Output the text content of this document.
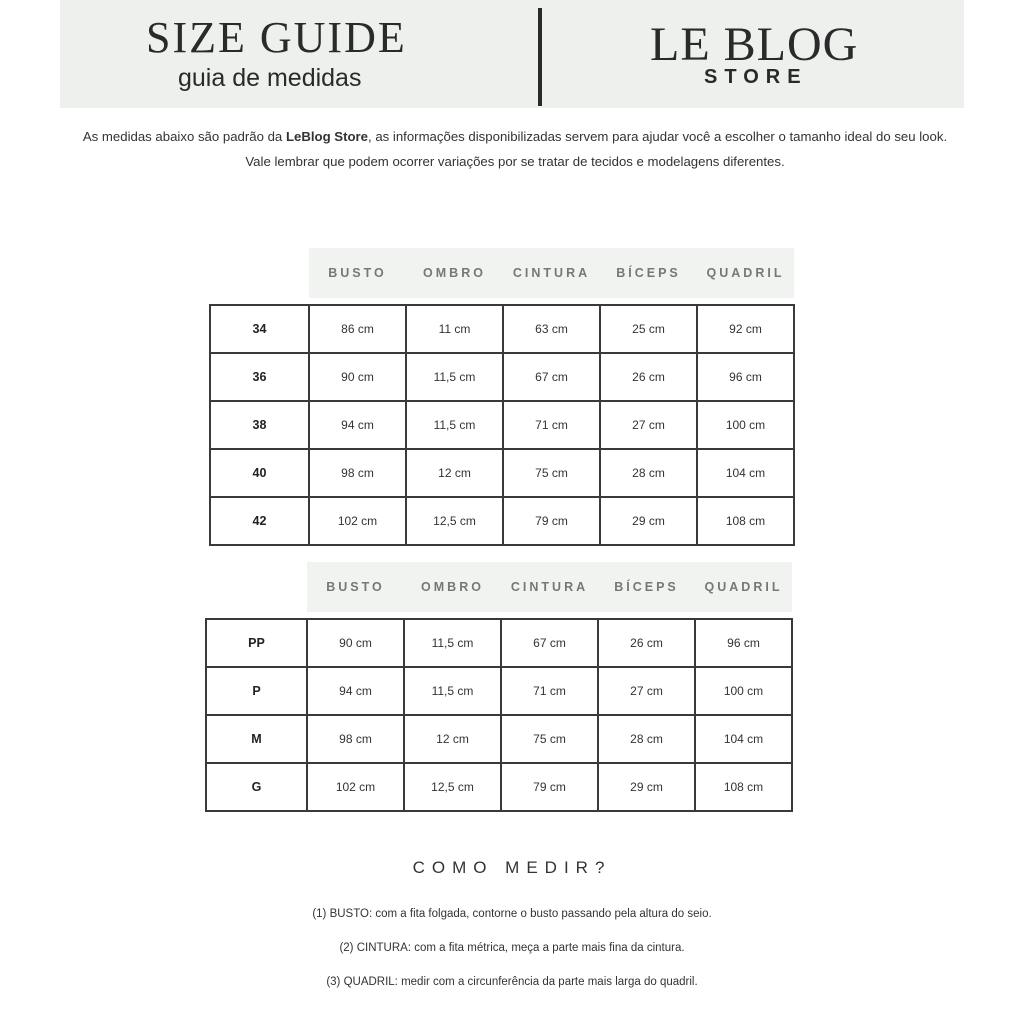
SIZE GUIDE
guia de medidas
LE BLOG
STORE
As medidas abaixo são padrão da LeBlog Store, as informações disponibilizadas servem para ajudar você a escolher o tamanho ideal do seu look. Vale lembrar que podem ocorrer variações por se tratar de tecidos e modelagens diferentes.
	BUSTO	OMBRO	CINTURA	BÍCEPS	QUADRIL

34	86 cm	11 cm	63 cm	25 cm	92 cm
36	90 cm	11,5 cm	67 cm	26 cm	96 cm
38	94 cm	11,5 cm	71 cm	27 cm	100 cm
40	98 cm	12 cm	75 cm	28 cm	104 cm
42	102 cm	12,5 cm	79 cm	29 cm	108 cm
	BUSTO	OMBRO	CINTURA	BÍCEPS	QUADRIL

PP	90 cm	11,5 cm	67 cm	26 cm	96 cm
P	94 cm	11,5 cm	71 cm	27 cm	100 cm
M	98 cm	12 cm	75 cm	28 cm	104 cm
G	102 cm	12,5 cm	79 cm	29 cm	108 cm
COMO MEDIR?
(1) BUSTO: com a fita folgada, contorne o busto passando pela altura do seio.
(2) CINTURA: com a fita métrica, meça a parte mais fina da cintura.
(3) QUADRIL: medir com a circunferência da parte mais larga do quadril.
